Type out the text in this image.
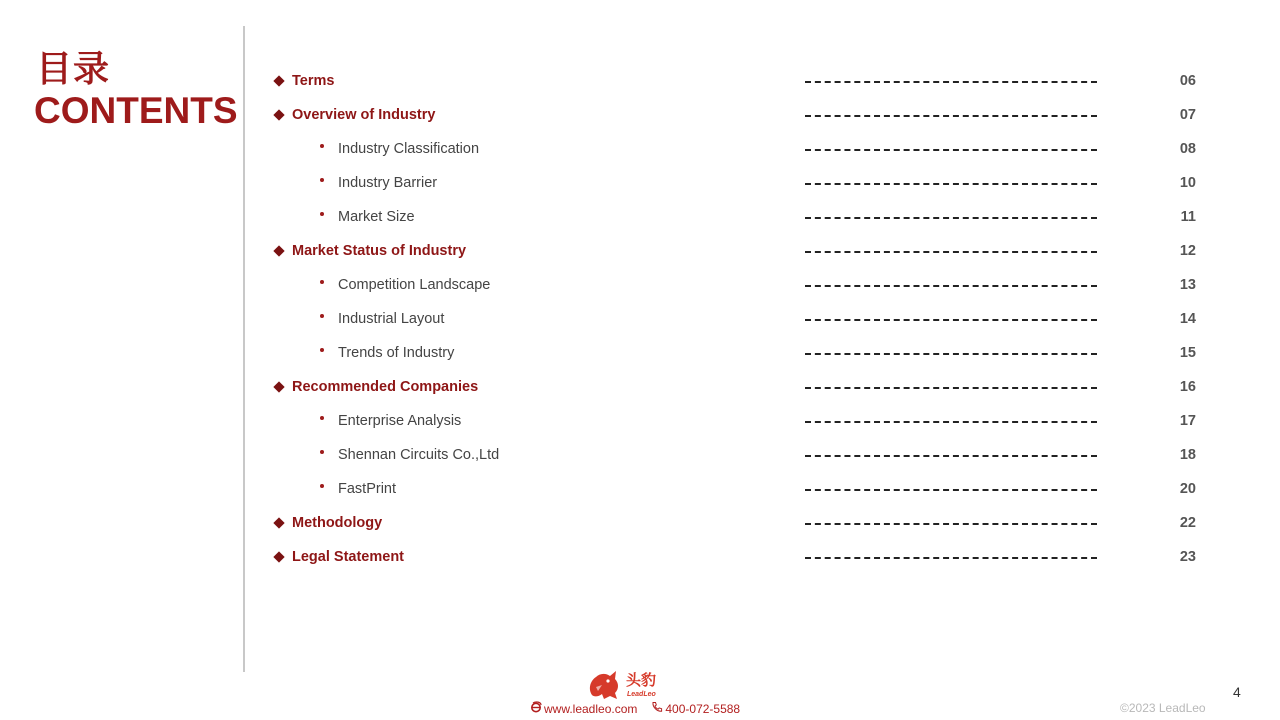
目录
CONTENTS
Terms	06
Overview of Industry	07
Industry Classification	08
Industry Barrier	10
Market Size	11
Market Status of Industry	12
Competition Landscape	13
Industrial Layout	14
Trends of Industry	15
Recommended Companies	16
Enterprise Analysis	17
Shennan Circuits Co.,Ltd	18
FastPrint	20
Methodology	22
Legal Statement	23
头豹
LeadLeo
www.leadleo.com 400-072-5588	©2023 LeadLeo
4
